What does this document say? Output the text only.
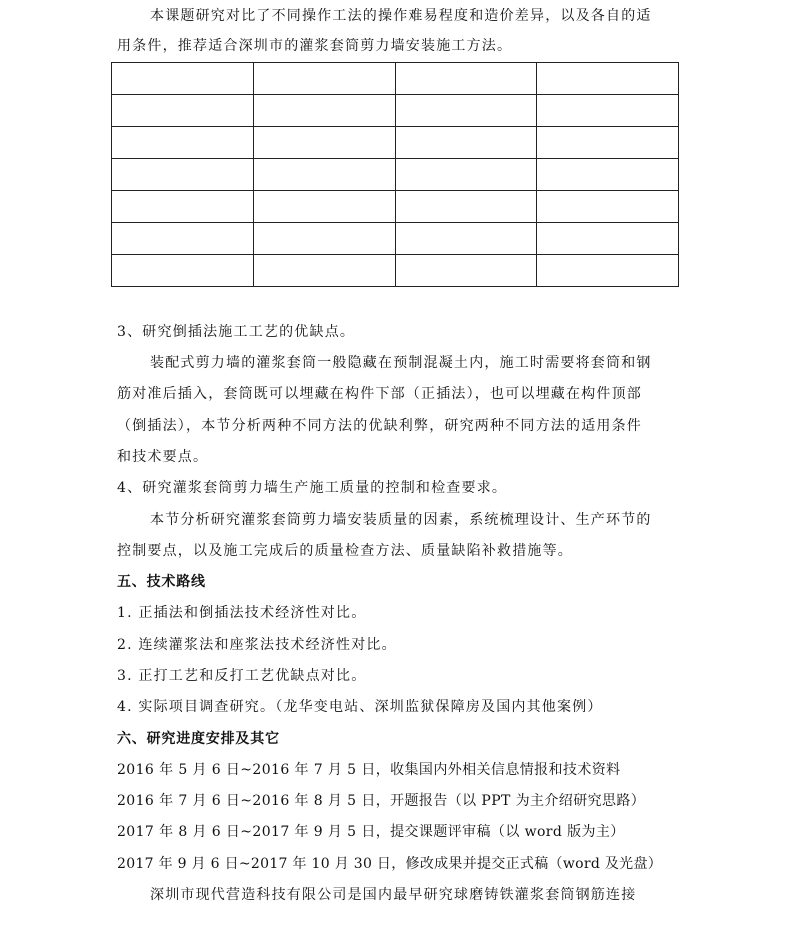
本课题研究对比了不同操作工法的操作难易程度和造价差异，以及各自的适
用条件，推荐适合深圳市的灌浆套筒剪力墙安装施工方法。

3、研究倒插法施工工艺的优缺点。
装配式剪力墙的灌浆套筒一般隐藏在预制混凝土内，施工时需要将套筒和钢
筋对准后插入，套筒既可以埋藏在构件下部（正插法），也可以埋藏在构件顶部
（倒插法），本节分析两种不同方法的优缺利弊，研究两种不同方法的适用条件
和技术要点。
4、研究灌浆套筒剪力墙生产施工质量的控制和检查要求。
本节分析研究灌浆套筒剪力墙安装质量的因素，系统梳理设计、生产环节的
控制要点，以及施工完成后的质量检查方法、质量缺陷补救措施等。
五、技术路线
1. 正插法和倒插法技术经济性对比。
2. 连续灌浆法和座浆法技术经济性对比。
3. 正打工艺和反打工艺优缺点对比。
4. 实际项目调查研究。（龙华变电站、深圳监狱保障房及国内其他案例）
六、研究进度安排及其它
2016 年 5 月 6 日~2016 年 7 月 5 日，收集国内外相关信息情报和技术资料
2016 年 7 月 6 日~2016 年 8 月 5 日，开题报告（以 PPT 为主介绍研究思路）
2017 年 8 月 6 日~2017 年 9 月 5 日，提交课题评审稿（以 word 版为主）
2017 年 9 月 6 日~2017 年 10 月 30 日，修改成果并提交正式稿（word 及光盘）
深圳市现代营造科技有限公司是国内最早研究球磨铸铁灌浆套筒钢筋连接
